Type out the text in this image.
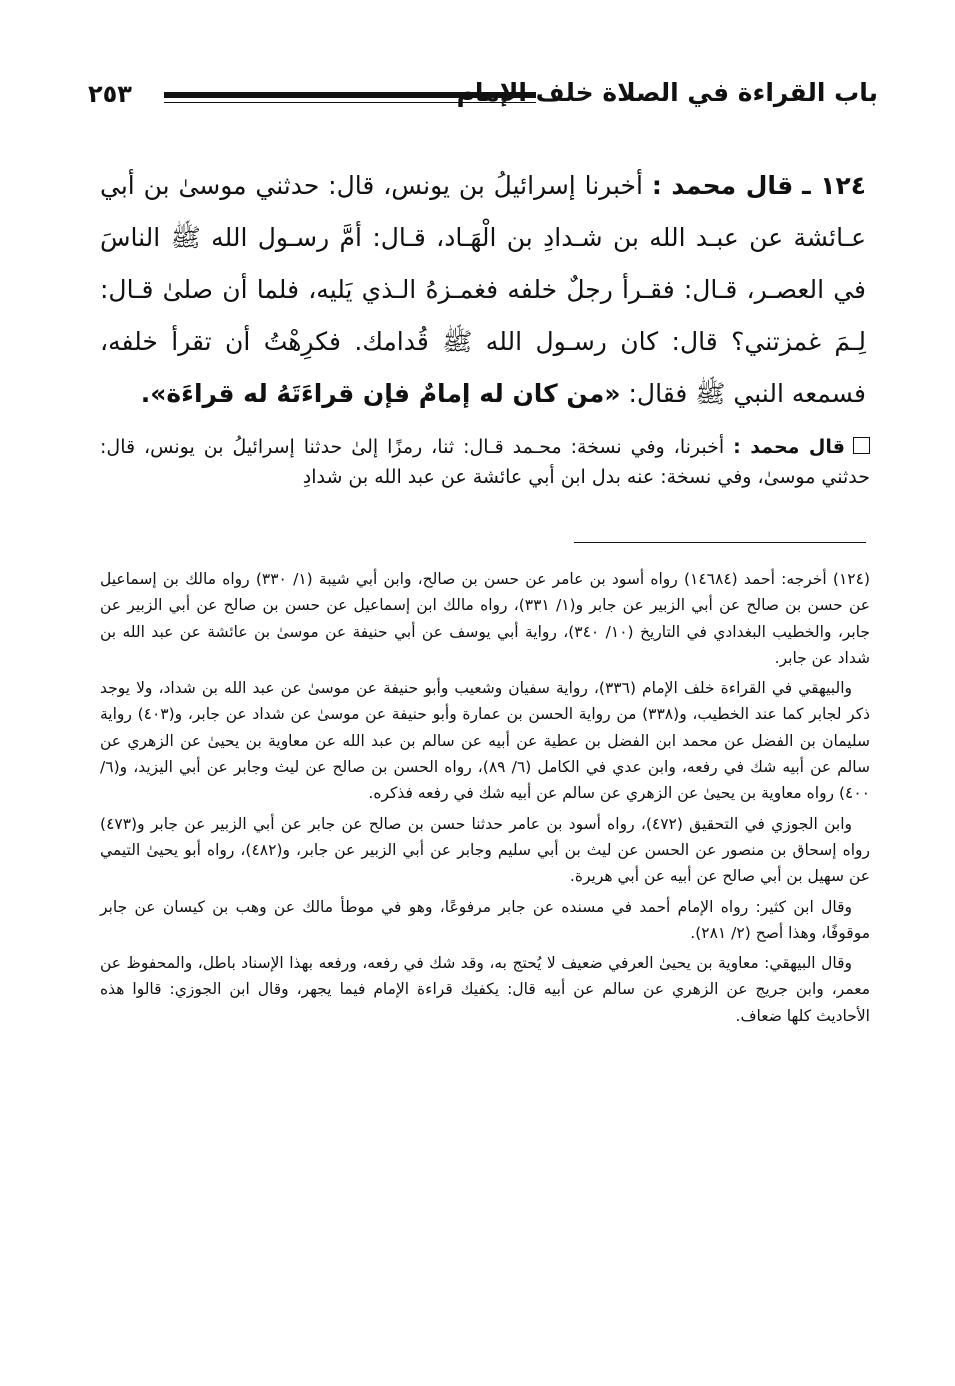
باب القراءة في الصلاة خلف الإمام
٢٥٣

١٢٤ ـ قال محمد : أخبرنا إسرائيلُ بن يونس، قال: حدثني موسىٰ بن أبي عـائشة عن عبـد الله بن شـدادِ بن الْهَـاد، قـال: أمَّ رسـول الله ﷺ الناسَ في العصـر، قـال: فقـرأ رجلٌ خلفه فغمـزهُ الـذي يَليه، فلما أن صلىٰ قـال: لِـمَ غمزتني؟ قال: كان رسـول الله ﷺ قُدامك. فكرِهْتُ أن تقرأ خلفه، فسمعه النبي ﷺ فقال: «من كان له إمامٌ فإن قراءَتَهُ له قراءَة».

قال محمد : أخبرنا، وفي نسخة: محـمد قـال: ثنا، رمزًا إلىٰ حدثنا إسرائيلُ بن يونس، قال: حدثني موسىٰ، وفي نسخة: عنه بدل ابن أبي عائشة عن عبد الله بن شدادِ

(١٢٤) أخرجه: أحمد (١٤٦٨٤) رواه أسود بن عامر عن حسن بن صالح، وابن أبي شيبة (١/ ٣٣٠) رواه مالك بن إسماعيل عن حسن بن صالح عن أبي الزبير عن جابر و(١/ ٣٣١)، رواه مالك ابن إسماعيل عن حسن بن صالح عن أبي الزبير عن جابر، والخطيب البغدادي في التاريخ (١٠/ ٣٤٠)، رواية أبي يوسف عن أبي حنيفة عن موسىٰ بن عائشة عن عبد الله بن شداد عن جابر.

والبيهقي في القراءة خلف الإمام (٣٣٦)، رواية سفيان وشعيب وأبو حنيفة عن موسىٰ عن عبد الله بن شداد، ولا يوجد ذكر لجابر كما عند الخطيب، و(٣٣٨) من رواية الحسن بن عمارة وأبو حنيفة عن موسىٰ عن شداد عن جابر، و(٤٠٣) رواية سليمان بن الفضل عن محمد ابن الفضل بن عطية عن أبيه عن سالم بن عبد الله عن معاوية بن يحيىٰ عن الزهري عن سالم عن أبيه شك في رفعه، وابن عدي في الكامل (٦/ ٨٩)، رواه الحسن بن صالح عن ليث وجابر عن أبي اليزيد، و(٦/ ٤٠٠) رواه معاوية بن يحيىٰ عن الزهري عن سالم عن أبيه شك في رفعه فذكره.

وابن الجوزي في التحقيق (٤٧٢)، رواه أسود بن عامر حدثنا حسن بن صالح عن جابر عن أبي الزبير عن جابر و(٤٧٣) رواه إسحاق بن منصور عن الحسن عن ليث بن أبي سليم وجابر عن أبي الزبير عن جابر، و(٤٨٢)، رواه أبو يحيىٰ التيمي عن سهيل بن أبي صالح عن أبيه عن أبي هريرة.

وقال ابن كثير: رواه الإمام أحمد في مسنده عن جابر مرفوعًا، وهو في موطأ مالك عن وهب بن كيسان عن جابر موقوفًا، وهذا أصح (٢/ ٢٨١).

وقال البيهقي: معاوية بن يحيىٰ العرفي ضعيف لا يُحتج به، وقد شك في رفعه، ورفعه بهذا الإسناد باطل، والمحفوظ عن معمر، وابن جريج عن الزهري عن سالم عن أبيه قال: يكفيك قراءة الإمام فيما يجهر، وقال ابن الجوزي: قالوا هذه الأحاديث كلها ضعاف.
